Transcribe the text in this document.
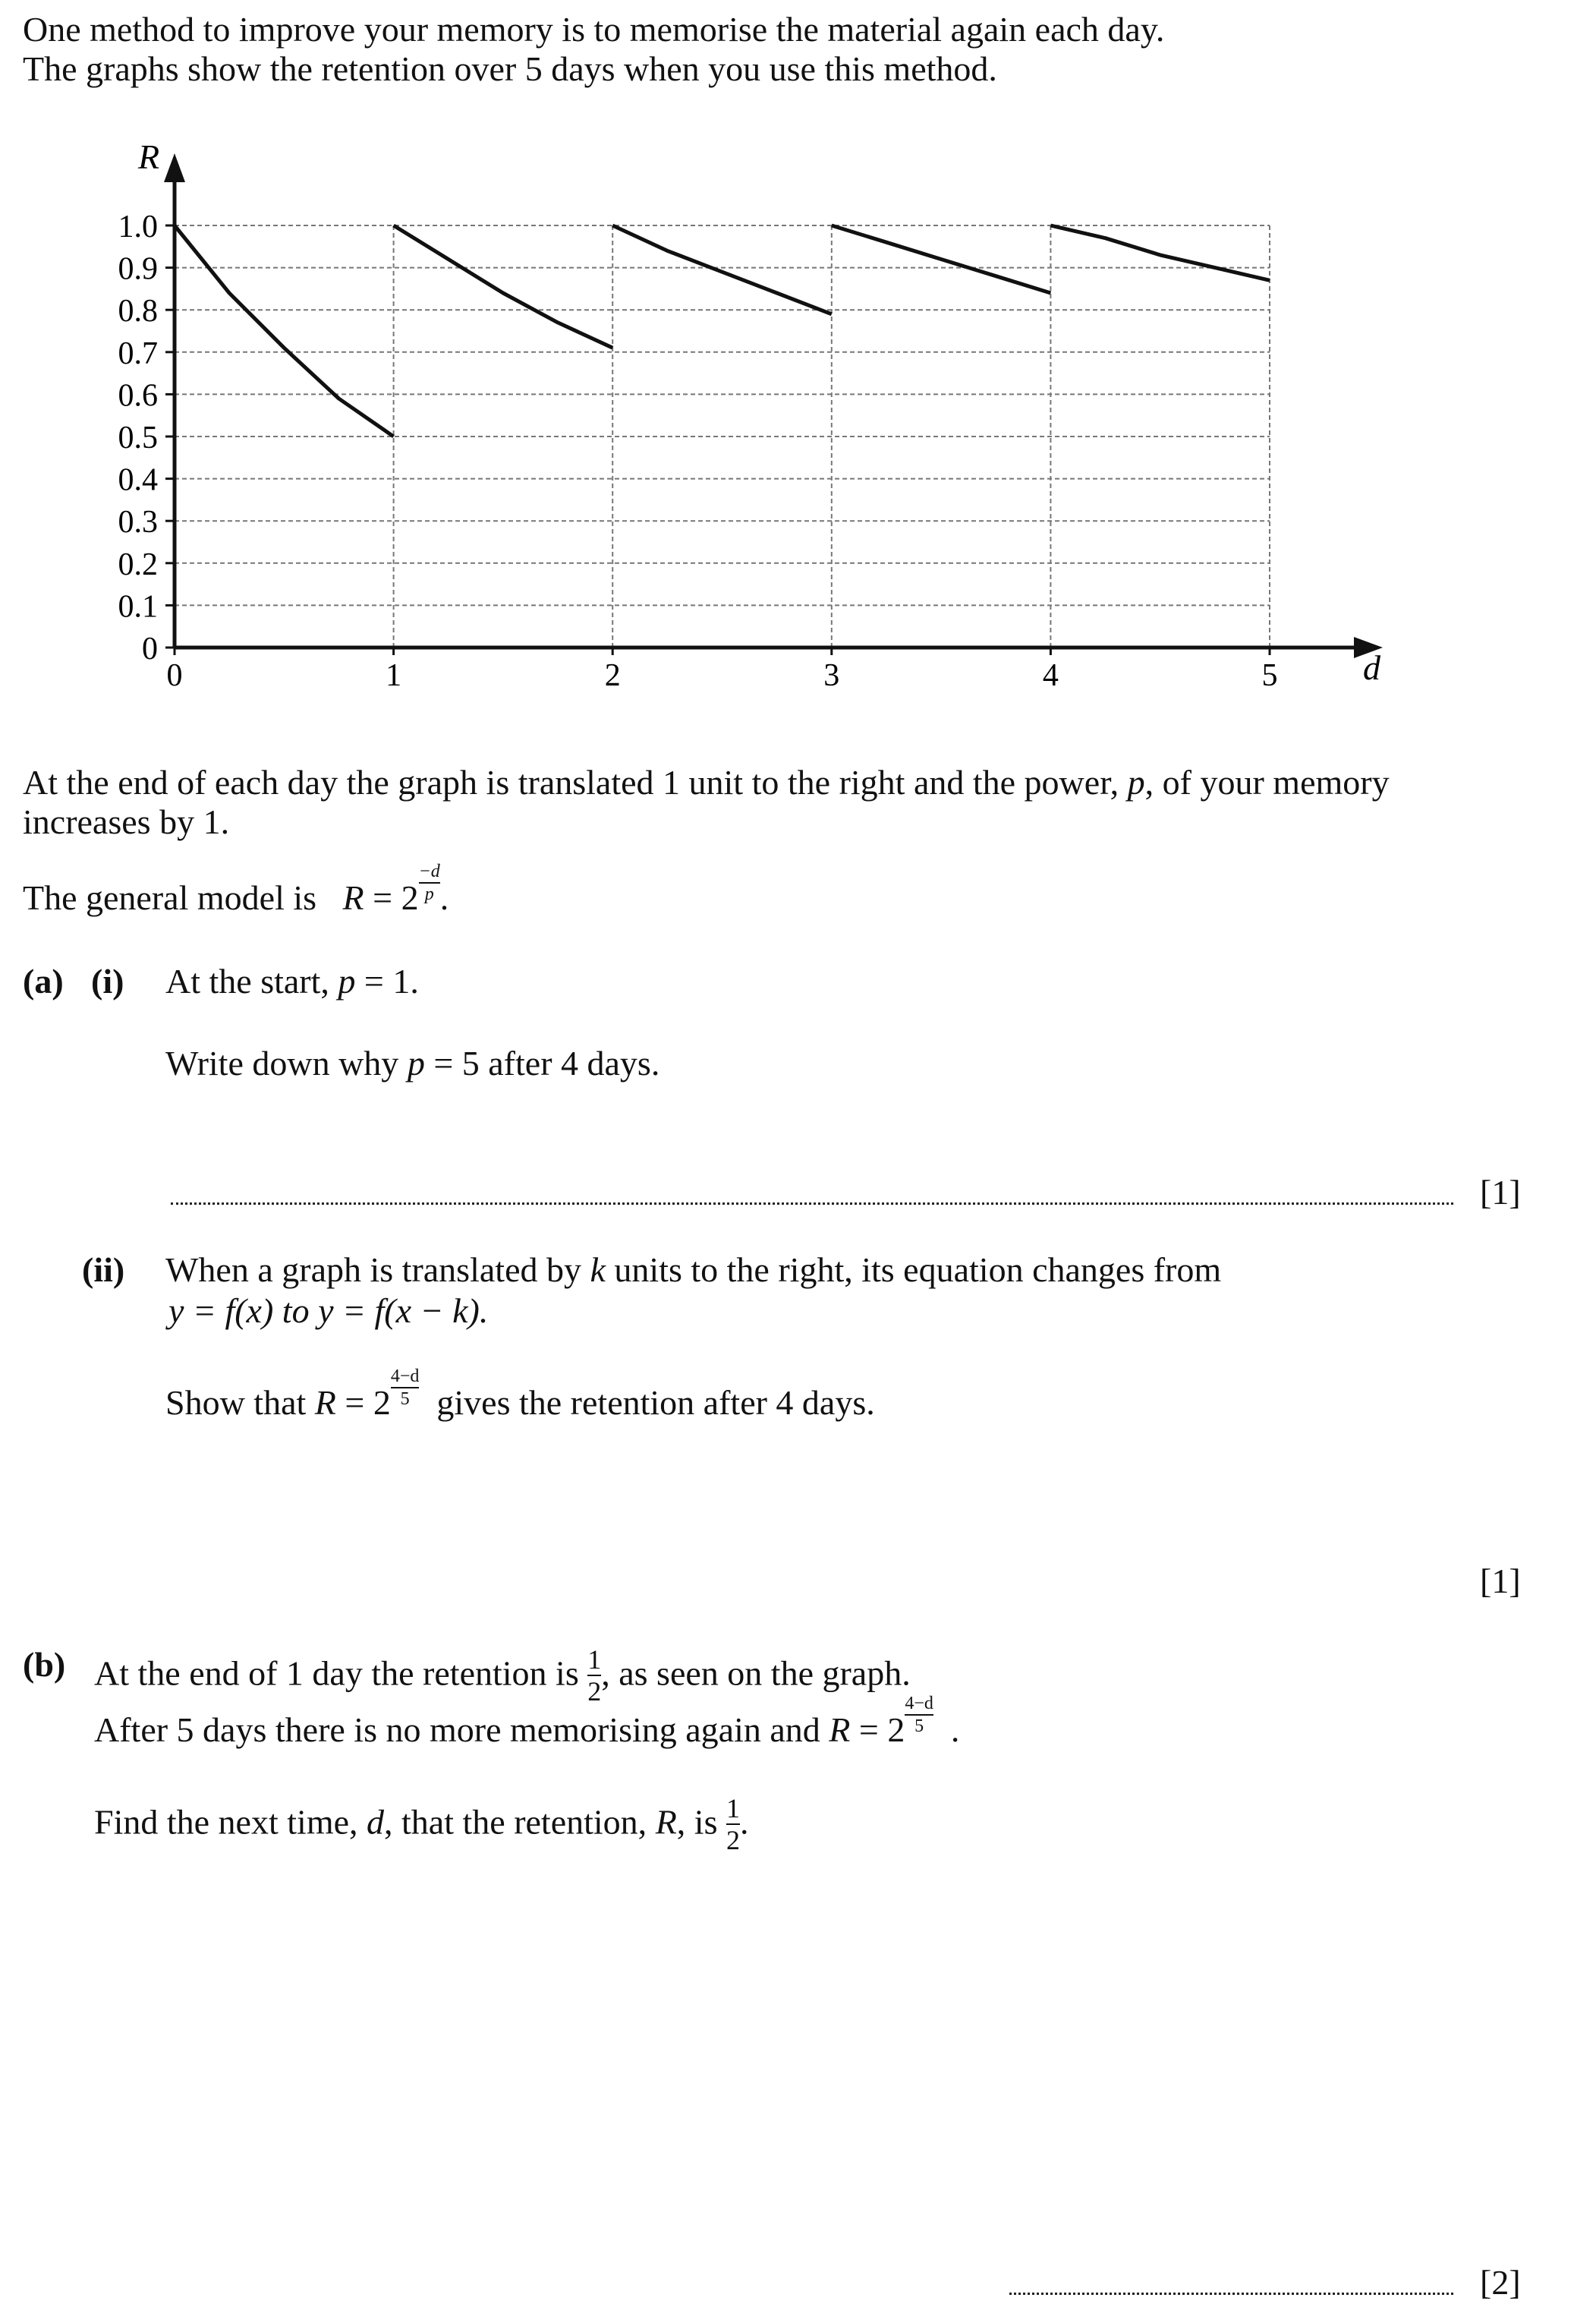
One method to improve your memory is to memorise the material again each day.
The graphs show the retention over 5 days when you use this method.
0
0.1
0.2
0.3
0.4
0.5
0.6
0.7
0.8
0.9
1.0
0	1	2	3	4	5 d
R
At the end of each day the graph is translated 1 unit to the right and the power, p, of your memory
increases by 1.
The general model is $R = 2 \frac{-d}{p}$ .
(a) (i) At the start, p = 1.
Write down why p = 5 after 4 days.
[1]
(ii) When a graph is translated by k units to the right, its equation changes from
y = f(x) to y = f(x − k).
Show that $R = 2 \frac{4-d}{5}$ gives the retention after 4 days.
[1]
(b) At the end of 1 day the retention is $\frac{1}{2}$ , as seen on the graph.
After 5 days there is no more memorising again and $R = 2 \frac{4-d}{5}$ .
Find the next time, d, that the retention, R, is $\frac{1}{2}$ .
[2]
